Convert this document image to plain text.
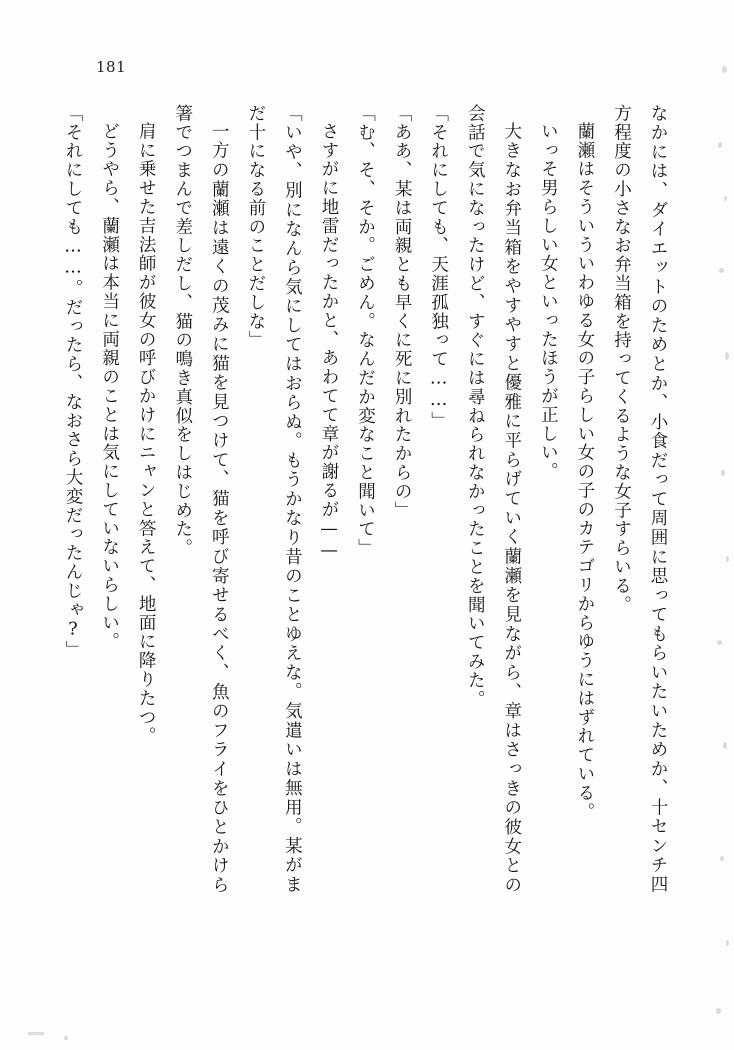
181

なかには、ダイエットのためとか、小食だって周囲に思ってもらいたいためか、十センチ四方程度の小さなお弁当箱を持ってくるような女子すらいる。

蘭瀬はそういういわゆる女の子らしい女の子のカテゴリからゆうにはずれている。

いっそ男らしい女といったほうが正しい。

大きなお弁当箱をやすやすと優雅に平らげていく蘭瀬を見ながら、章はさっきの彼女との会話で気になったけど、すぐには尋ねられなかったことを聞いてみた。

「それにしても、天涯孤独って……」

「ああ、某は両親とも早くに死に別れたからの」

「む、そ、そか。ごめん。なんだか変なこと聞いて」

さすがに地雷だったかと、あわてて章が謝るが——

「いや、別になんら気にしてはおらぬ。もうかなり昔のことゆえな。気遣いは無用。某がまだ十になる前のことだしな」

一方の蘭瀬は遠くの茂みに猫を見つけて、猫を呼び寄せるべく、魚のフライをひとかけら箸でつまんで差しだし、猫の鳴き真似をしはじめた。

肩に乗せた吉法師が彼女の呼びかけにニャンと答えて、地面に降りたつ。

どうやら、蘭瀬は本当に両親のことは気にしていないらしい。

「それにしても……。だったら、なおさら大変だったんじゃ?」
